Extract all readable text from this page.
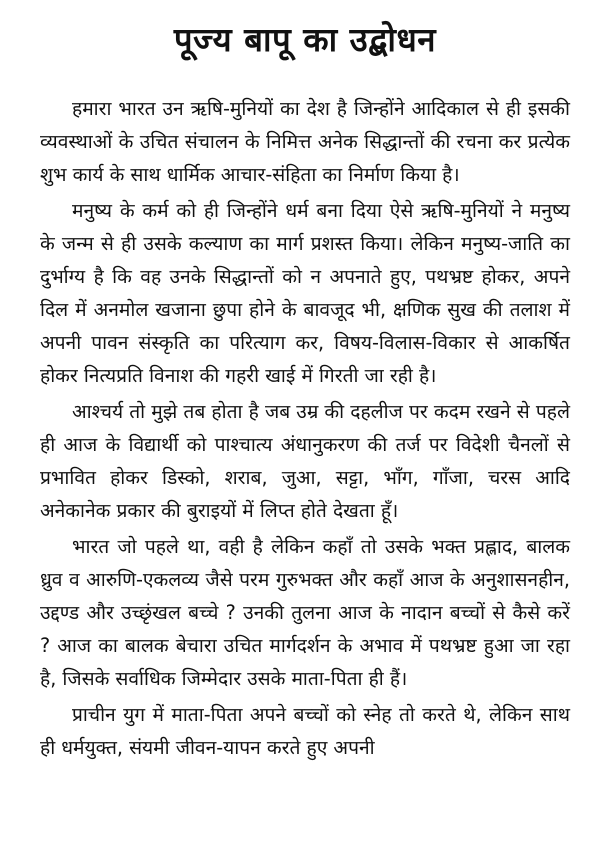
पूज्य बापू का उद्बोधन

हमारा भारत उन ऋषि-मुनियों का देश है जिन्होंने आदिकाल से ही इसकी व्यवस्थाओं के उचित संचालन के निमित्त अनेक सिद्धान्तों की रचना कर प्रत्येक शुभ कार्य के साथ धार्मिक आचार-संहिता का निर्माण किया है।

मनुष्य के कर्म को ही जिन्होंने धर्म बना दिया ऐसे ऋषि-मुनियों ने मनुष्य के जन्म से ही उसके कल्याण का मार्ग प्रशस्त किया। लेकिन मनुष्य-जाति का दुर्भाग्य है कि वह उनके सिद्धान्तों को न अपनाते हुए, पथभ्रष्ट होकर, अपने दिल में अनमोल खजाना छुपा होने के बावजूद भी, क्षणिक सुख की तलाश में अपनी पावन संस्कृति का परित्याग कर, विषय-विलास-विकार से आकर्षित होकर नित्यप्रति विनाश की गहरी खाई में गिरती जा रही है।

आश्चर्य तो मुझे तब होता है जब उम्र की दहलीज पर कदम रखने से पहले ही आज के विद्यार्थी को पाश्चात्य अंधानुकरण की तर्ज पर विदेशी चैनलों से प्रभावित होकर डिस्को, शराब, जुआ, सट्टा, भाँग, गाँजा, चरस आदि अनेकानेक प्रकार की बुराइयों में लिप्त होते देखता हूँ।

भारत जो पहले था, वही है लेकिन कहाँ तो उसके भक्त प्रह्लाद, बालक ध्रुव व आरुणि-एकलव्य जैसे परम गुरुभक्त और कहाँ आज के अनुशासनहीन, उद्दण्ड और उच्छृंखल बच्चे ? उनकी तुलना आज के नादान बच्चों से कैसे करें ? आज का बालक बेचारा उचित मार्गदर्शन के अभाव में पथभ्रष्ट हुआ जा रहा है, जिसके सर्वाधिक जिम्मेदार उसके माता-पिता ही हैं।

प्राचीन युग में माता-पिता अपने बच्चों को स्नेह तो करते थे, लेकिन साथ ही धर्मयुक्त, संयमी जीवन-यापन करते हुए अपनी
